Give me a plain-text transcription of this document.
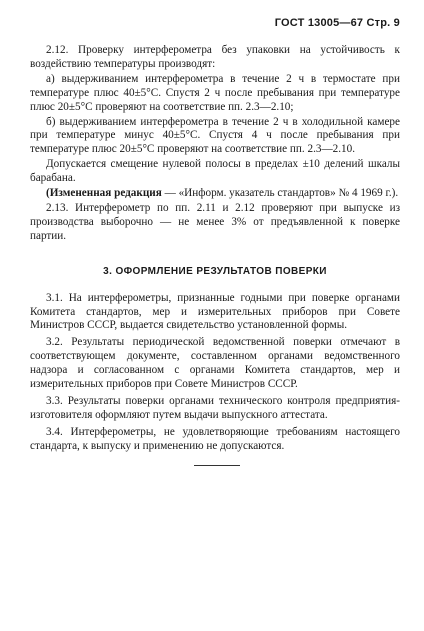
ГОСТ 13005—67 Стр. 9

2.12. Проверку интерферометра без упаковки на устойчивость к воздействию температуры производят:

а) выдерживанием интерферометра в течение 2 ч в термостате при температуре плюс 40±5°С. Спустя 2 ч после пребывания при температуре плюс 20±5°С проверяют на соответствие пп. 2.3—2.10;

б) выдерживанием интерферометра в течение 2 ч в холодильной камере при температуре минус 40±5°С. Спустя 4 ч после пребывания при температуре плюс 20±5°С проверяют на соответствие пп. 2.3—2.10.

Допускается смещение нулевой полосы в пределах ±10 делений шкалы барабана.

(Измененная редакция — «Информ. указатель стандартов» № 4 1969 г.).

2.13. Интерферометр по пп. 2.11 и 2.12 проверяют при выпуске из производства выборочно — не менее 3% от предъявленной к поверке партии.

3. ОФОРМЛЕНИЕ РЕЗУЛЬТАТОВ ПОВЕРКИ

3.1. На интерферометры, признанные годными при поверке органами Комитета стандартов, мер и измерительных приборов при Совете Министров СССР, выдается свидетельство установленной формы.

3.2. Результаты периодической ведомственной поверки отмечают в соответствующем документе, составленном органами ведомственного надзора и согласованном с органами Комитета стандартов, мер и измерительных приборов при Совете Министров СССР.

3.3. Результаты поверки органами технического контроля предприятия-изготовителя оформляют путем выдачи выпускного аттестата.

3.4. Интерферометры, не удовлетворяющие требованиям настоящего стандарта, к выпуску и применению не допускаются.
